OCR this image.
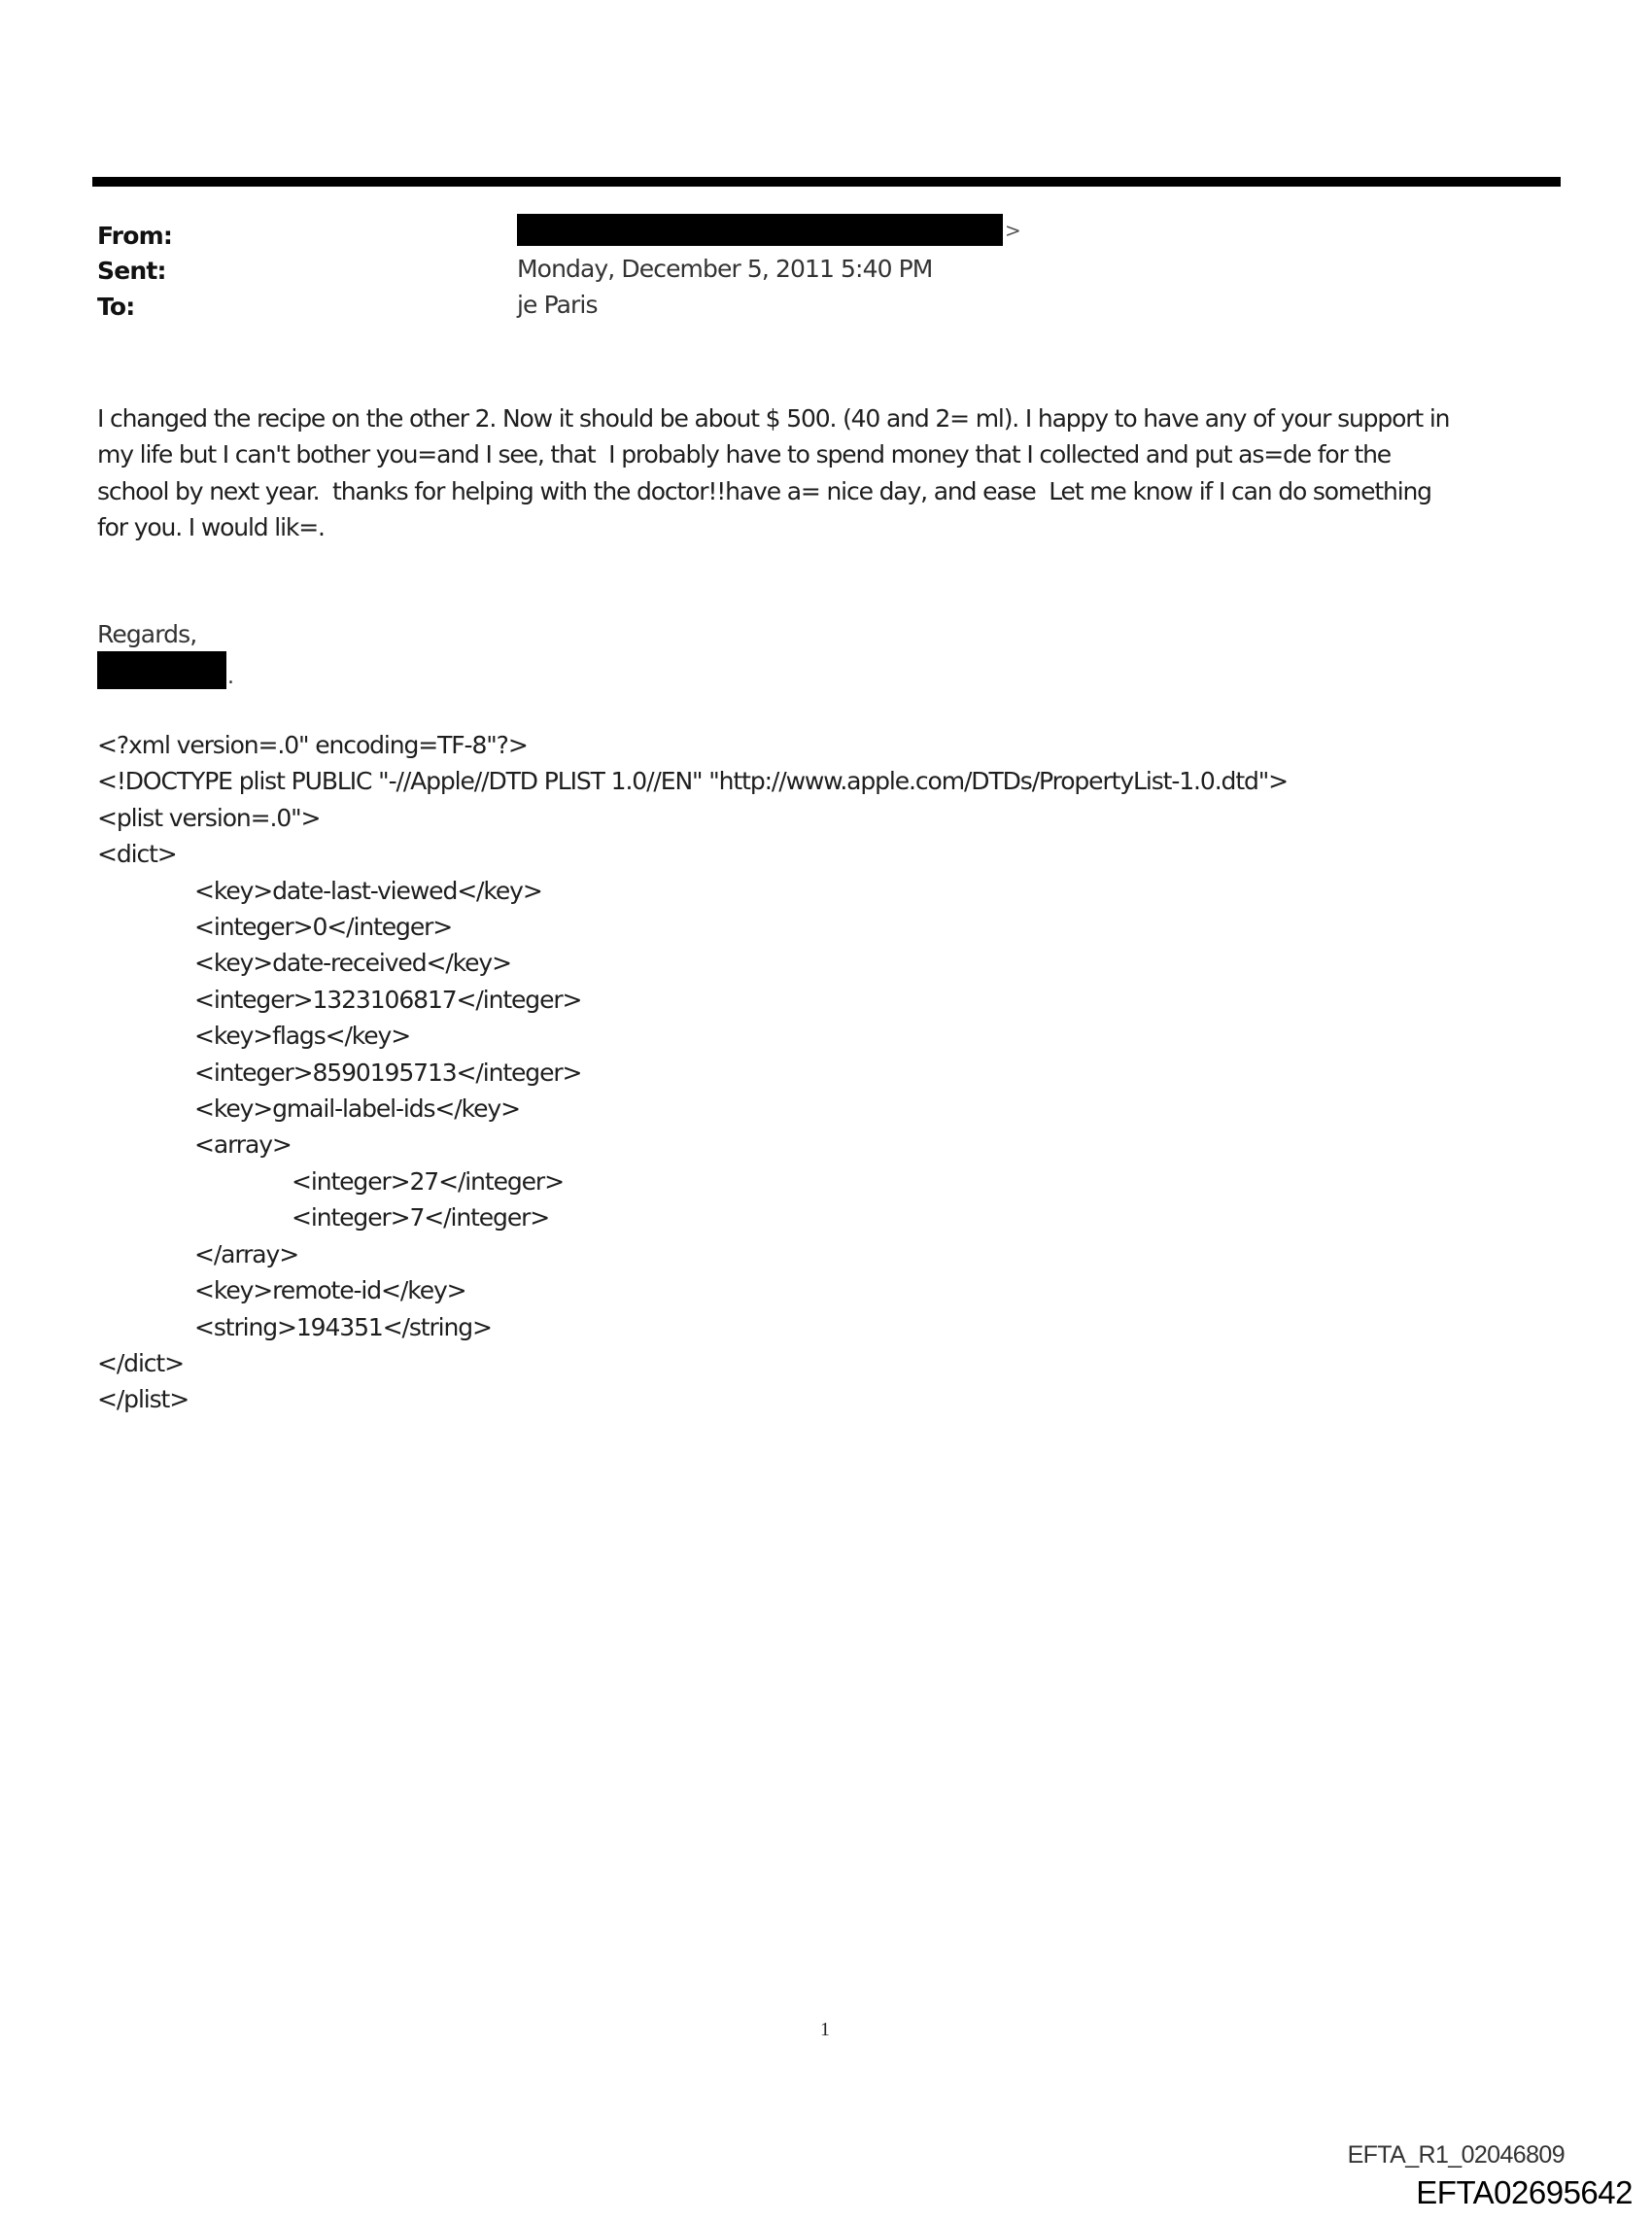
From:	>
Sent:	Monday, December 5, 2011 5:40 PM
To:	je Paris
I changed the recipe on the other 2. Now it should be about $ 500. (40 and 2= ml). I happy to have any of your support in
my life but I can't bother you=and I see, that  I probably have to spend money that I collected and put as=de for the
school by next year.  thanks for helping with the doctor!!have a= nice day, and ease  Let me know if I can do something
for you. I would lik=.
Regards,
.
<?xml version=.0" encoding=TF-8"?>
<!DOCTYPE plist PUBLIC "-//Apple//DTD PLIST 1.0//EN" "http://www.apple.com/DTDs/PropertyList-1.0.dtd">
<plist version=.0">
<dict>
<key>date-last-viewed</key>
<integer>0</integer>
<key>date-received</key>
<integer>1323106817</integer>
<key>flags</key>
<integer>8590195713</integer>
<key>gmail-label-ids</key>
<array>
<integer>27</integer>
<integer>7</integer>
</array>
<key>remote-id</key>
<string>194351</string>
</dict>
</plist>
1
EFTA_R1_02046809
EFTA02695642
